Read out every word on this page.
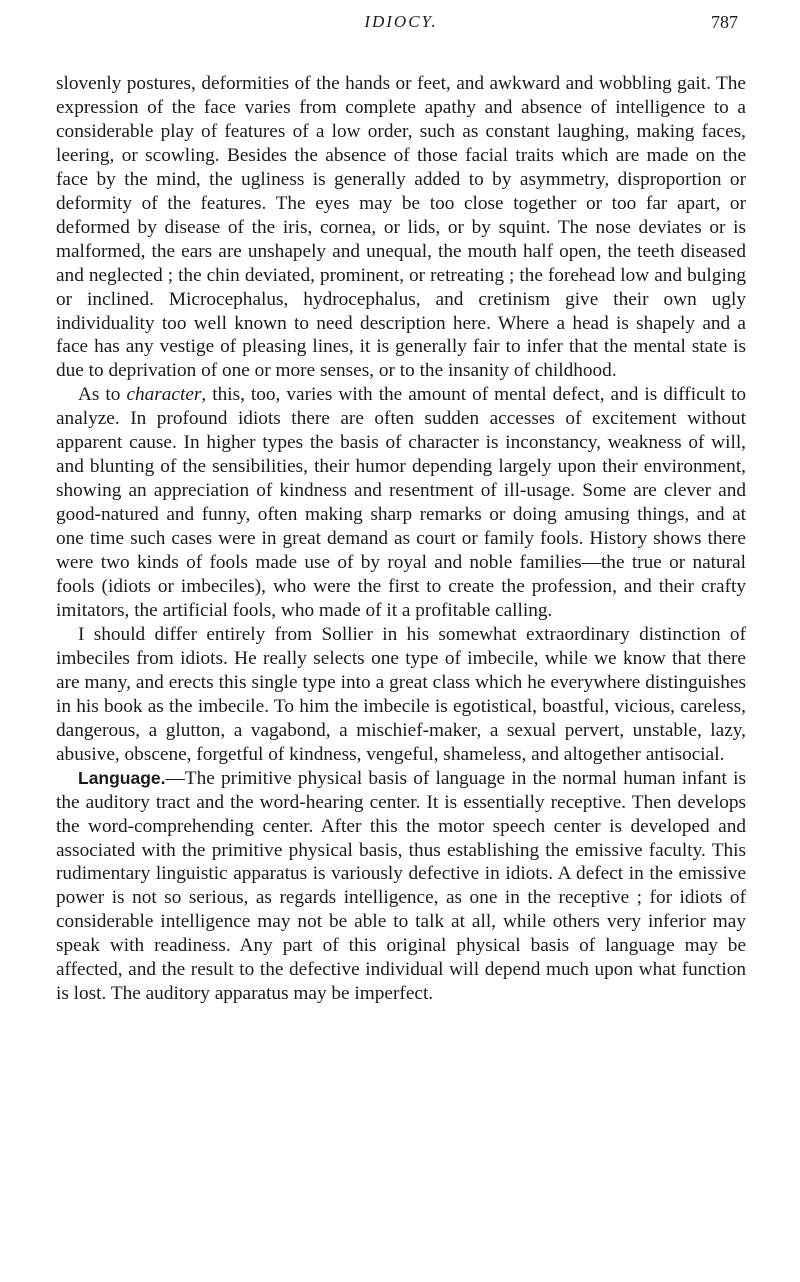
IDIOCY.	787

slovenly postures, deformities of the hands or feet, and awkward and wobbling gait. The expression of the face varies from complete apathy and absence of intelligence to a considerable play of features of a low order, such as constant laughing, making faces, leering, or scowling. Besides the absence of those facial traits which are made on the face by the mind, the ugliness is generally added to by asymmetry, disproportion or deformity of the features. The eyes may be too close together or too far apart, or deformed by disease of the iris, cornea, or lids, or by squint. The nose deviates or is malformed, the ears are unshapely and unequal, the mouth half open, the teeth diseased and neglected ; the chin deviated, prominent, or retreating ; the forehead low and bulging or inclined. Microcephalus, hydrocephalus, and cretinism give their own ugly individuality too well known to need description here. Where a head is shapely and a face has any vestige of pleasing lines, it is generally fair to infer that the mental state is due to deprivation of one or more senses, or to the insanity of childhood.

As to character, this, too, varies with the amount of mental defect, and is difficult to analyze. In profound idiots there are often sudden accesses of excitement without apparent cause. In higher types the basis of character is inconstancy, weakness of will, and blunting of the sensibilities, their humor depending largely upon their environment, showing an appreciation of kindness and resentment of ill-usage. Some are clever and good-natured and funny, often making sharp remarks or doing amusing things, and at one time such cases were in great demand as court or family fools. History shows there were two kinds of fools made use of by royal and noble families—the true or natural fools (idiots or imbeciles), who were the first to create the profession, and their crafty imitators, the artificial fools, who made of it a profitable calling.

I should differ entirely from Sollier in his somewhat extraordinary distinction of imbeciles from idiots. He really selects one type of imbecile, while we know that there are many, and erects this single type into a great class which he everywhere distinguishes in his book as the imbecile. To him the imbecile is egotistical, boastful, vicious, careless, dangerous, a glutton, a vagabond, a mischief-maker, a sexual pervert, unstable, lazy, abusive, obscene, forgetful of kindness, vengeful, shameless, and altogether antisocial.

Language.—The primitive physical basis of language in the normal human infant is the auditory tract and the word-hearing center. It is essentially receptive. Then develops the word-comprehending center. After this the motor speech center is developed and associated with the primitive physical basis, thus establishing the emissive faculty. This rudimentary linguistic apparatus is variously defective in idiots. A defect in the emissive power is not so serious, as regards intelligence, as one in the receptive ; for idiots of considerable intelligence may not be able to talk at all, while others very inferior may speak with readiness. Any part of this original physical basis of language may be affected, and the result to the defective individual will depend much upon what function is lost. The auditory apparatus may be imperfect.
